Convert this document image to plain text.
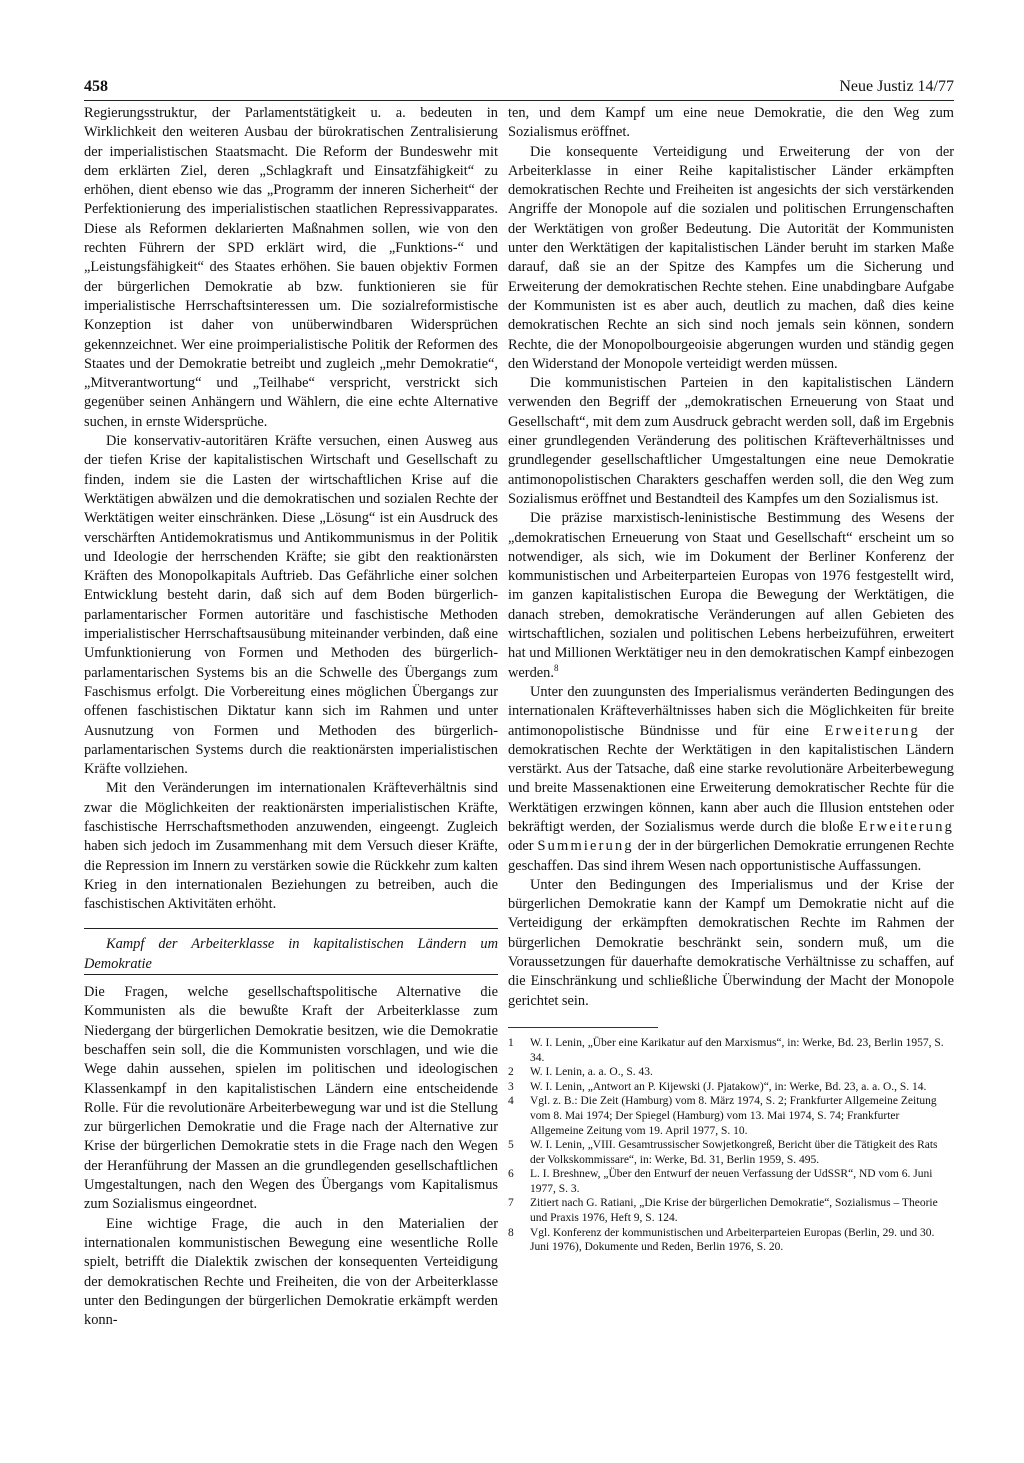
458	Neue Justiz 14/77

Regierungsstruktur, der Parlamentstätigkeit u. a. bedeuten in Wirklichkeit den weiteren Ausbau der bürokratischen Zentralisierung der imperialistischen Staatsmacht. Die Reform der Bundeswehr mit dem erklärten Ziel, deren „Schlagkraft und Einsatzfähigkeit“ zu erhöhen, dient ebenso wie das „Programm der inneren Sicherheit“ der Perfektionierung des imperialistischen staatlichen Repressivapparates. Diese als Reformen deklarierten Maßnahmen sollen, wie von den rechten Führern der SPD erklärt wird, die „Funktions-“ und „Leistungsfähigkeit“ des Staates erhöhen. Sie bauen objektiv Formen der bürgerlichen Demokratie ab bzw. funktionieren sie für imperialistische Herrschaftsinteressen um. Die sozialreformistische Konzeption ist daher von unüberwindbaren Widersprüchen gekennzeichnet. Wer eine proimperialistische Politik der Reformen des Staates und der Demokratie betreibt und zugleich „mehr Demokratie“, „Mitverantwortung“ und „Teilhabe“ verspricht, verstrickt sich gegenüber seinen Anhängern und Wählern, die eine echte Alternative suchen, in ernste Widersprüche.

Die konservativ-autoritären Kräfte versuchen, einen Ausweg aus der tiefen Krise der kapitalistischen Wirtschaft und Gesellschaft zu finden, indem sie die Lasten der wirtschaftlichen Krise auf die Werktätigen abwälzen und die demokratischen und sozialen Rechte der Werktätigen weiter einschränken. Diese „Lösung“ ist ein Ausdruck des verschärften Antidemokratismus und Antikommunismus in der Politik und Ideologie der herrschenden Kräfte; sie gibt den reaktionärsten Kräften des Monopolkapitals Auftrieb. Das Gefährliche einer solchen Entwicklung besteht darin, daß sich auf dem Boden bürgerlich-parlamentarischer Formen autoritäre und faschistische Methoden imperialistischer Herrschaftsausübung miteinander verbinden, daß eine Umfunktionierung von Formen und Methoden des bürgerlich-parlamentarischen Systems bis an die Schwelle des Übergangs zum Faschismus erfolgt. Die Vorbereitung eines möglichen Übergangs zur offenen faschistischen Diktatur kann sich im Rahmen und unter Ausnutzung von Formen und Methoden des bürgerlich-parlamentarischen Systems durch die reaktionärsten imperialistischen Kräfte vollziehen.

Mit den Veränderungen im internationalen Kräfteverhältnis sind zwar die Möglichkeiten der reaktionärsten imperialistischen Kräfte, faschistische Herrschaftsmethoden anzuwenden, eingeengt. Zugleich haben sich jedoch im Zusammenhang mit dem Versuch dieser Kräfte, die Repression im Innern zu verstärken sowie die Rückkehr zum kalten Krieg in den internationalen Beziehungen zu betreiben, auch die faschistischen Aktivitäten erhöht.

Kampf der Arbeiterklasse in kapitalistischen Ländern um Demokratie

Die Fragen, welche gesellschaftspolitische Alternative die Kommunisten als die bewußte Kraft der Arbeiterklasse zum Niedergang der bürgerlichen Demokratie besitzen, wie die Demokratie beschaffen sein soll, die die Kommunisten vorschlagen, und wie die Wege dahin aussehen, spielen im politischen und ideologischen Klassenkampf in den kapitalistischen Ländern eine entscheidende Rolle. Für die revolutionäre Arbeiterbewegung war und ist die Stellung zur bürgerlichen Demokratie und die Frage nach der Alternative zur Krise der bürgerlichen Demokratie stets in die Frage nach den Wegen der Heranführung der Massen an die grundlegenden gesellschaftlichen Umgestaltungen, nach den Wegen des Übergangs vom Kapitalismus zum Sozialismus eingeordnet.

Eine wichtige Frage, die auch in den Materialien der internationalen kommunistischen Bewegung eine wesentliche Rolle spielt, betrifft die Dialektik zwischen der konsequenten Verteidigung der demokratischen Rechte und Freiheiten, die von der Arbeiterklasse unter den Bedingungen der bürgerlichen Demokratie erkämpft werden konn-

ten, und dem Kampf um eine neue Demokratie, die den Weg zum Sozialismus eröffnet.

Die konsequente Verteidigung und Erweiterung der von der Arbeiterklasse in einer Reihe kapitalistischer Länder erkämpften demokratischen Rechte und Freiheiten ist angesichts der sich verstärkenden Angriffe der Monopole auf die sozialen und politischen Errungenschaften der Werktätigen von großer Bedeutung. Die Autorität der Kommunisten unter den Werktätigen der kapitalistischen Länder beruht im starken Maße darauf, daß sie an der Spitze des Kampfes um die Sicherung und Erweiterung der demokratischen Rechte stehen. Eine unabdingbare Aufgabe der Kommunisten ist es aber auch, deutlich zu machen, daß dies keine demokratischen Rechte an sich sind noch jemals sein können, sondern Rechte, die der Monopolbourgeoisie abgerungen wurden und ständig gegen den Widerstand der Monopole verteidigt werden müssen.

Die kommunistischen Parteien in den kapitalistischen Ländern verwenden den Begriff der „demokratischen Erneuerung von Staat und Gesellschaft“, mit dem zum Ausdruck gebracht werden soll, daß im Ergebnis einer grundlegenden Veränderung des politischen Kräfteverhältnisses und grundlegender gesellschaftlicher Umgestaltungen eine neue Demokratie antimonopolistischen Charakters geschaffen werden soll, die den Weg zum Sozialismus eröffnet und Bestandteil des Kampfes um den Sozialismus ist.

Die präzise marxistisch-leninistische Bestimmung des Wesens der „demokratischen Erneuerung von Staat und Gesellschaft“ erscheint um so notwendiger, als sich, wie im Dokument der Berliner Konferenz der kommunistischen und Arbeiterparteien Europas von 1976 festgestellt wird, im ganzen kapitalistischen Europa die Bewegung der Werktätigen, die danach streben, demokratische Veränderungen auf allen Gebieten des wirtschaftlichen, sozialen und politischen Lebens herbeizuführen, erweitert hat und Millionen Werktätiger neu in den demokratischen Kampf einbezogen werden.$^8$

Unter den zuungunsten des Imperialismus veränderten Bedingungen des internationalen Kräfteverhältnisses haben sich die Möglichkeiten für breite antimonopolistische Bündnisse und für eine Erweiterung der demokratischen Rechte der Werktätigen in den kapitalistischen Ländern verstärkt. Aus der Tatsache, daß eine starke revolutionäre Arbeiterbewegung und breite Massenaktionen eine Erweiterung demokratischer Rechte für die Werktätigen erzwingen können, kann aber auch die Illusion entstehen oder bekräftigt werden, der Sozialismus werde durch die bloße Erweiterung oder Summierung der in der bürgerlichen Demokratie errungenen Rechte geschaffen. Das sind ihrem Wesen nach opportunistische Auffassungen.

Unter den Bedingungen des Imperialismus und der Krise der bürgerlichen Demokratie kann der Kampf um Demokratie nicht auf die Verteidigung der erkämpften demokratischen Rechte im Rahmen der bürgerlichen Demokratie beschränkt sein, sondern muß, um die Voraussetzungen für dauerhafte demokratische Verhältnisse zu schaffen, auf die Einschränkung und schließliche Überwindung der Macht der Monopole gerichtet sein.

1	W. I. Lenin, „Über eine Karikatur auf den Marxismus“, in: Werke, Bd. 23, Berlin 1957, S. 34.
2	W. I. Lenin, a. a. O., S. 43.
3	W. I. Lenin, „Antwort an P. Kijewski (J. Pjatakow)“, in: Werke, Bd. 23, a. a. O., S. 14.
4	Vgl. z. B.: Die Zeit (Hamburg) vom 8. März 1974, S. 2; Frankfurter Allgemeine Zeitung vom 8. Mai 1974; Der Spiegel (Hamburg) vom 13. Mai 1974, S. 74; Frankfurter Allgemeine Zeitung vom 19. April 1977, S. 10.
5	W. I. Lenin, „VIII. Gesamtrussischer Sowjetkongreß, Bericht über die Tätigkeit des Rats der Volkskommissare“, in: Werke, Bd. 31, Berlin 1959, S. 495.
6	L. I. Breshnew, „Über den Entwurf der neuen Verfassung der UdSSR“, ND vom 6. Juni 1977, S. 3.
7	Zitiert nach G. Ratiani, „Die Krise der bürgerlichen Demokratie“, Sozialismus – Theorie und Praxis 1976, Heft 9, S. 124.
8	Vgl. Konferenz der kommunistischen und Arbeiterparteien Europas (Berlin, 29. und 30. Juni 1976), Dokumente und Reden, Berlin 1976, S. 20.
